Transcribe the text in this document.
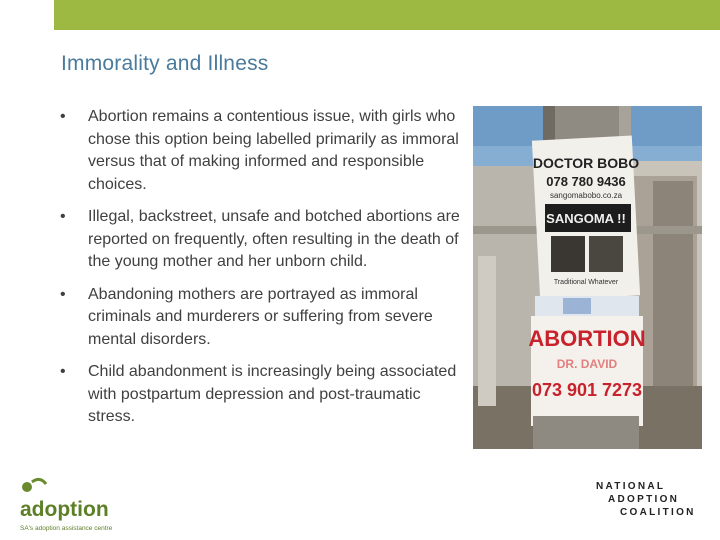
Immorality and Illness
• Abortion remains a contentious issue, with girls who chose this option being labelled primarily as immoral versus that of making informed and responsible choices.
• Illegal, backstreet, unsafe and botched abortions are reported on frequently, often resulting in the death of the young mother and her unborn child.
• Abandoning mothers are portrayed as immoral criminals and murderers or suffering from severe mental disorders.
• Child abandonment is increasingly being associated with postpartum depression and post-traumatic stress.
DOCTOR BOBO
078 780 9436
sangomabobo.co.za
SANGOMA !!
Traditional Whatever
ABORTION
DR. DAVID
073 901 7273
adoption
SA's adoption assistance centre
NATIONAL
ADOPTION
COALITION
